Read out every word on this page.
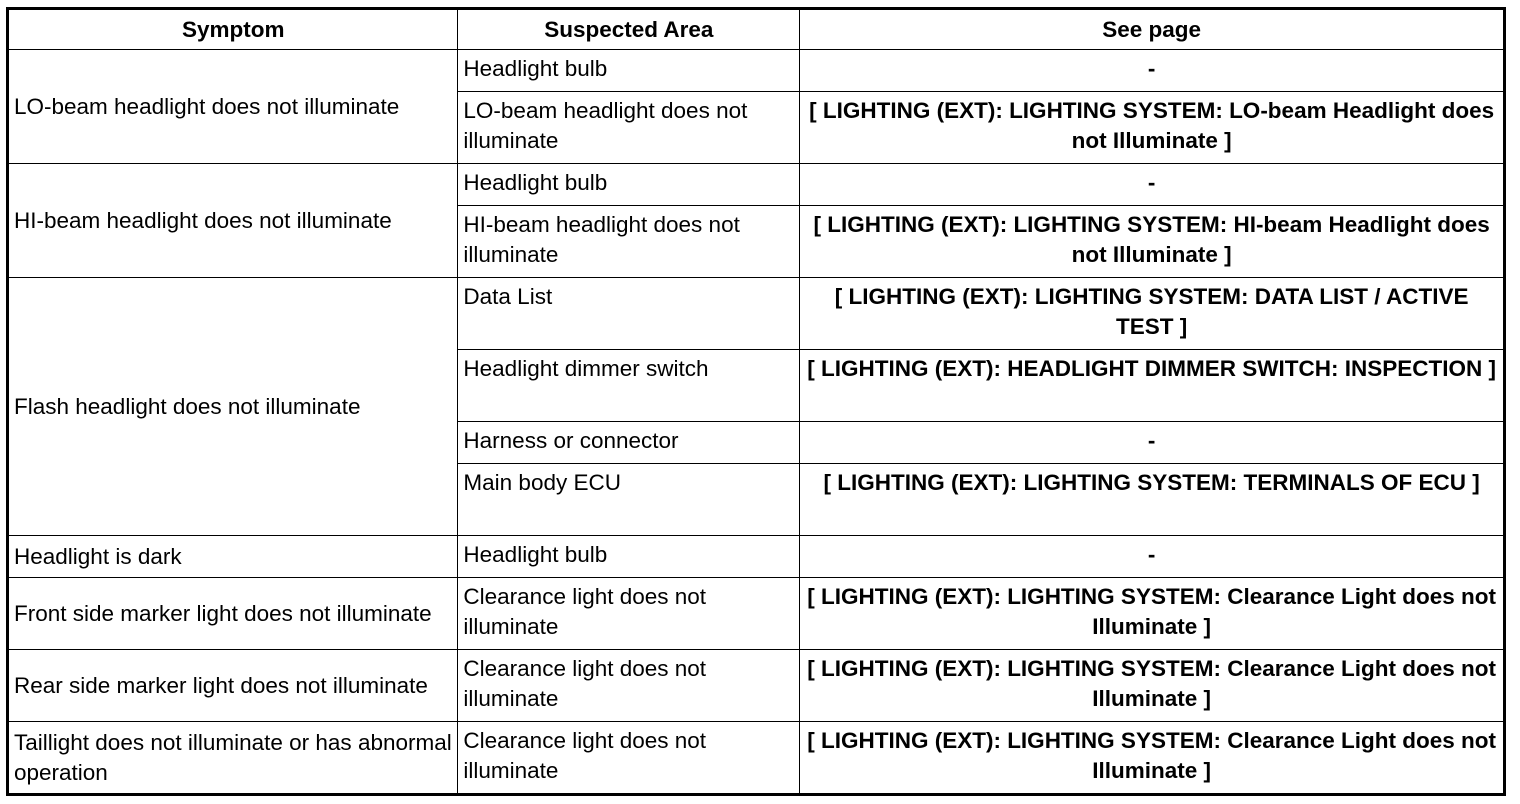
Symptom	Suspected Area	See page
LO-beam headlight does not illuminate	Headlight bulb	-
	LO-beam headlight does not illuminate	[ LIGHTING (EXT): LIGHTING SYSTEM: LO-beam Headlight does not Illuminate ]
HI-beam headlight does not illuminate	Headlight bulb	-
	HI-beam headlight does not illuminate	[ LIGHTING (EXT): LIGHTING SYSTEM: HI-beam Headlight does not Illuminate ]
Flash headlight does not illuminate	Data List	[ LIGHTING (EXT): LIGHTING SYSTEM: DATA LIST / ACTIVE TEST ]
	Headlight dimmer switch	[ LIGHTING (EXT): HEADLIGHT DIMMER SWITCH: INSPECTION ]
	Harness or connector	-
	Main body ECU	[ LIGHTING (EXT): LIGHTING SYSTEM: TERMINALS OF ECU ]
Headlight is dark	Headlight bulb	-
Front side marker light does not illuminate	Clearance light does not illuminate	[ LIGHTING (EXT): LIGHTING SYSTEM: Clearance Light does not Illuminate ]
Rear side marker light does not illuminate	Clearance light does not illuminate	[ LIGHTING (EXT): LIGHTING SYSTEM: Clearance Light does not Illuminate ]
Taillight does not illuminate or has abnormal operation	Clearance light does not illuminate	[ LIGHTING (EXT): LIGHTING SYSTEM: Clearance Light does not Illuminate ]
